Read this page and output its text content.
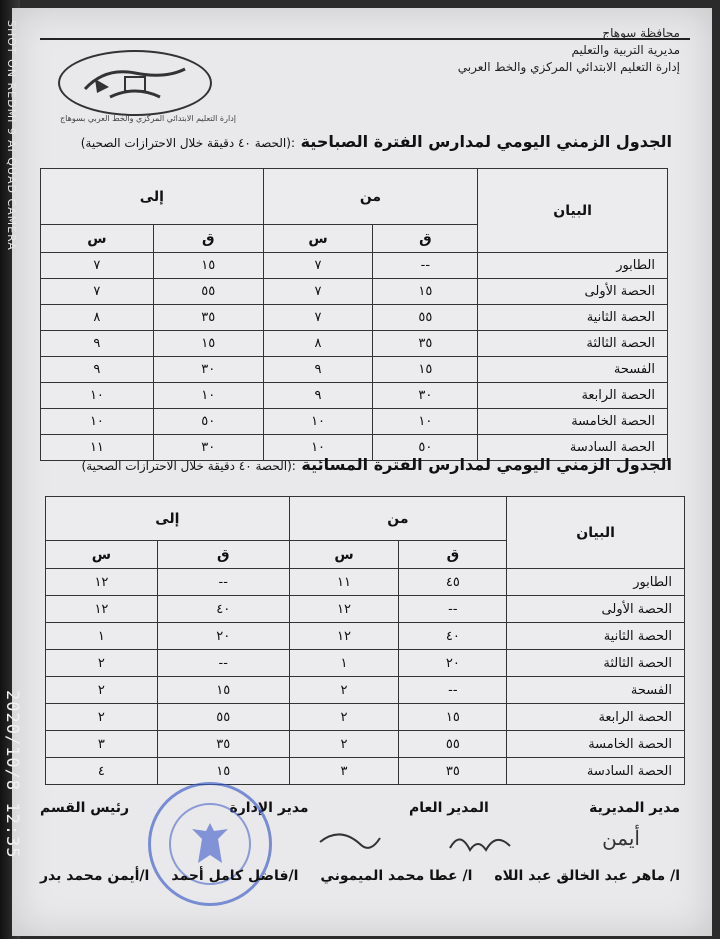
SHOT ON REDMI 9 AI QUAD CAMERA
2020/10/8 12:35
محافظة سوهاج
مديرية التربية والتعليم
إدارة التعليم الابتدائي المركزي والخط العربي
إدارة التعليم الابتدائي المركزي والخط العربي بسوهاج
الجدول الزمني اليومي لمدارس الفترة الصباحية :(الحصة ٤٠ دقيقة خلال الاحترازات الصحية)
البيان	من		إلى	
	ق	س	ق	س
الطابور	--	٧	١٥	٧
الحصة الأولى	١٥	٧	٥٥	٧
الحصة الثانية	٥٥	٧	٣٥	٨
الحصة الثالثة	٣٥	٨	١٥	٩
الفسحة	١٥	٩	٣٠	٩
الحصة الرابعة	٣٠	٩	١٠	١٠
الحصة الخامسة	١٠	١٠	٥٠	١٠
الحصة السادسة	٥٠	١٠	٣٠	١١
الجدول الزمني اليومي لمدارس الفترة المسائية :(الحصة ٤٠ دقيقة خلال الاحترازات الصحية)
البيان	من		إلى	
	ق	س	ق	س
الطابور	٤٥	١١	--	١٢
الحصة الأولى	--	١٢	٤٠	١٢
الحصة الثانية	٤٠	١٢	٢٠	١
الحصة الثالثة	٢٠	١	--	٢
الفسحة	--	٢	١٥	٢
الحصة الرابعة	١٥	٢	٥٥	٢
الحصة الخامسة	٥٥	٢	٣٥	٣
الحصة السادسة	٣٥	٣	١٥	٤
رئيس القسم	مدير الإدارة	المدير العام	مدير المديرية
أيمن
ا/أيمن محمد بدر ا/فاضل كامل أحمد ا/ عطا محمد الميموني ا/ ماهر عبد الخالق عبد اللاه
